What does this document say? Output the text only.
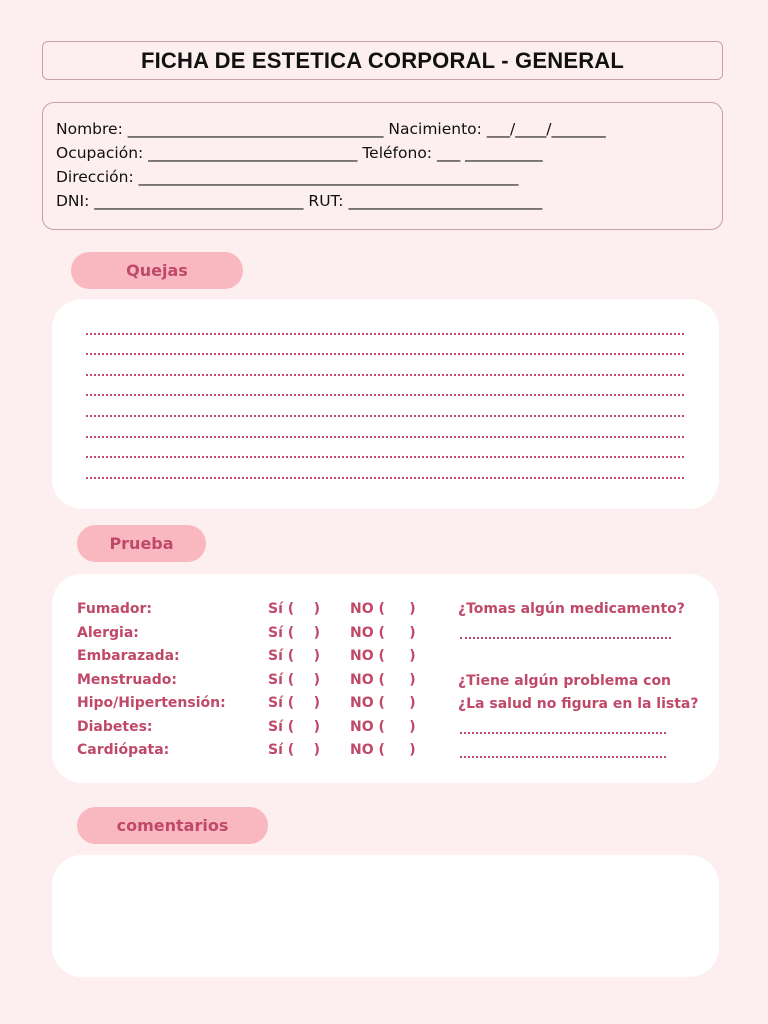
FICHA DE ESTETICA CORPORAL - GENERAL
Nombre: _________________________________ Nacimiento: ___/____/_______
Ocupación: ___________________________ Teléfono: ___ __________
Dirección: _________________________________________________
DNI: ___________________________ RUT: _________________________
Quejas
Prueba
Fumador:	Sí (    ) NO (     )
Alergia:	Sí (    ) NO (     )
Embarazada:	Sí (    ) NO (     )
Menstruado:	Sí (    ) NO (     )
Hipo/Hipertensión:	Sí (    ) NO (     )
Diabetes:	Sí (    ) NO (     )
Cardiópata:	Sí (    ) NO (     )
¿Tomas algún medicamento?
¿Tiene algún problema con
¿La salud no figura en la lista?
comentarios
